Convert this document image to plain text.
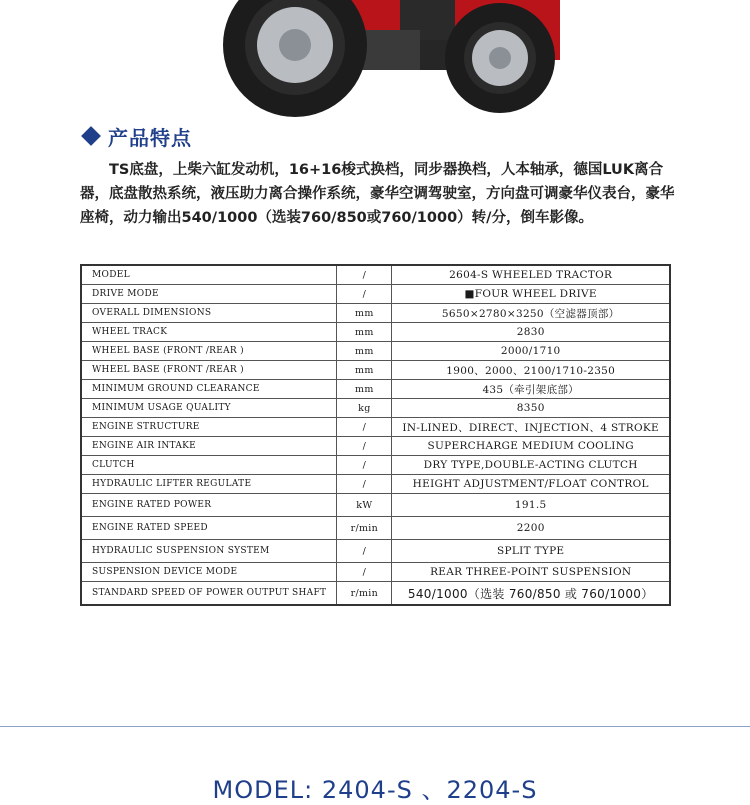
产品特点
TS底盘，上柴六缸发动机，16+16梭式换档，同步器换档，人本轴承，德国LUK离合器，底盘散热系统，液压助力离合操作系统，豪华空调驾驶室，方向盘可调豪华仪表台，豪华座椅，动力输出540/1000（选装760/850或760/1000）转/分，倒车影像。
MODEL	/	2604-S WHEELED TRACTOR
DRIVE MODE	/	■FOUR WHEEL DRIVE
OVERALL DIMENSIONS	mm	5650×2780×3250（空滤器顶部）
WHEEL TRACK	mm	2830
WHEEL BASE (FRONT /REAR )	mm	2000/1710
WHEEL BASE (FRONT /REAR )	mm	1900、2000、2100/1710-2350
MINIMUM GROUND CLEARANCE	mm	435（牵引架底部）
MINIMUM USAGE QUALITY	kg	8350
ENGINE STRUCTURE	/	IN-LINED、DIRECT、INJECTION、4 STROKE
ENGINE AIR INTAKE	/	SUPERCHARGE MEDIUM COOLING
CLUTCH	/	DRY TYPE,DOUBLE-ACTING CLUTCH
HYDRAULIC LIFTER REGULATE	/	HEIGHT ADJUSTMENT/FLOAT CONTROL
ENGINE RATED POWER	kW	191.5
ENGINE RATED SPEED	r/min	2200
HYDRAULIC SUSPENSION SYSTEM	/	SPLIT TYPE
SUSPENSION DEVICE MODE	/	REAR THREE-POINT SUSPENSION
STANDARD SPEED OF POWER OUTPUT SHAFT	r/min	540/1000（选装 760/850 或 760/1000）
MODEL: 2404-S 、2204-S
